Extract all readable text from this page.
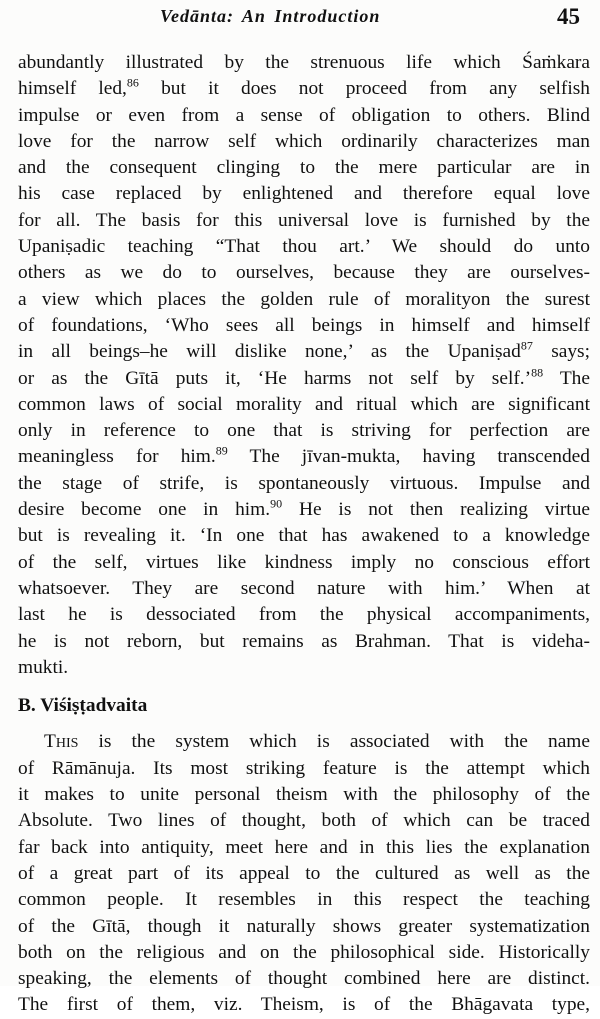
Vedānta: An Introduction	45
abundantly illustrated by the strenuous life which Śaṁkara
himself led,$^{86}$ but it does not proceed from any selfish
impulse or even from a sense of obligation to others. Blind
love for the narrow self which ordinarily characterizes man
and the consequent clinging to the mere particular are in
his case replaced by enlightened and therefore equal love
for all. The basis for this universal love is furnished by the
Upaniṣadic teaching “That thou art.’ We should do unto
others as we do to ourselves, because they are ourselves-
a view which places the golden rule of moralityon the surest
of foundations, ‘Who sees all beings in himself and himself
in all beings–he will dislike none,’ as the Upaniṣad$^{87}$ says;
or as the Gītā puts it, ‘He harms not self by self.’$^{88}$ The
common laws of social morality and ritual which are significant
only in reference to one that is striving for perfection are
meaningless for him.$^{89}$ The jīvan-mukta, having transcended
the stage of strife, is spontaneously virtuous. Impulse and
desire become one in him.$^{90}$ He is not then realizing virtue
but is revealing it. ‘In one that has awakened to a knowledge
of the self, virtues like kindness imply no conscious effort
whatsoever. They are second nature with him.’ When at
last he is dessociated from the physical accompaniments,
he is not reborn, but remains as Brahman. That is videha-
mukti.
B. Viśiṣṭadvaita
This is the system which is associated with the name
of Rāmānuja. Its most striking feature is the attempt which
it makes to unite personal theism with the philosophy of the
Absolute. Two lines of thought, both of which can be traced
far back into antiquity, meet here and in this lies the explanation
of a great part of its appeal to the cultured as well as the
common people. It resembles in this respect the teaching
of the Gītā, though it naturally shows greater systematization
both on the religious and on the philosophical side. Historically
speaking, the elements of thought combined here are distinct.
The first of them, viz. Theism, is of the Bhāgavata type,
